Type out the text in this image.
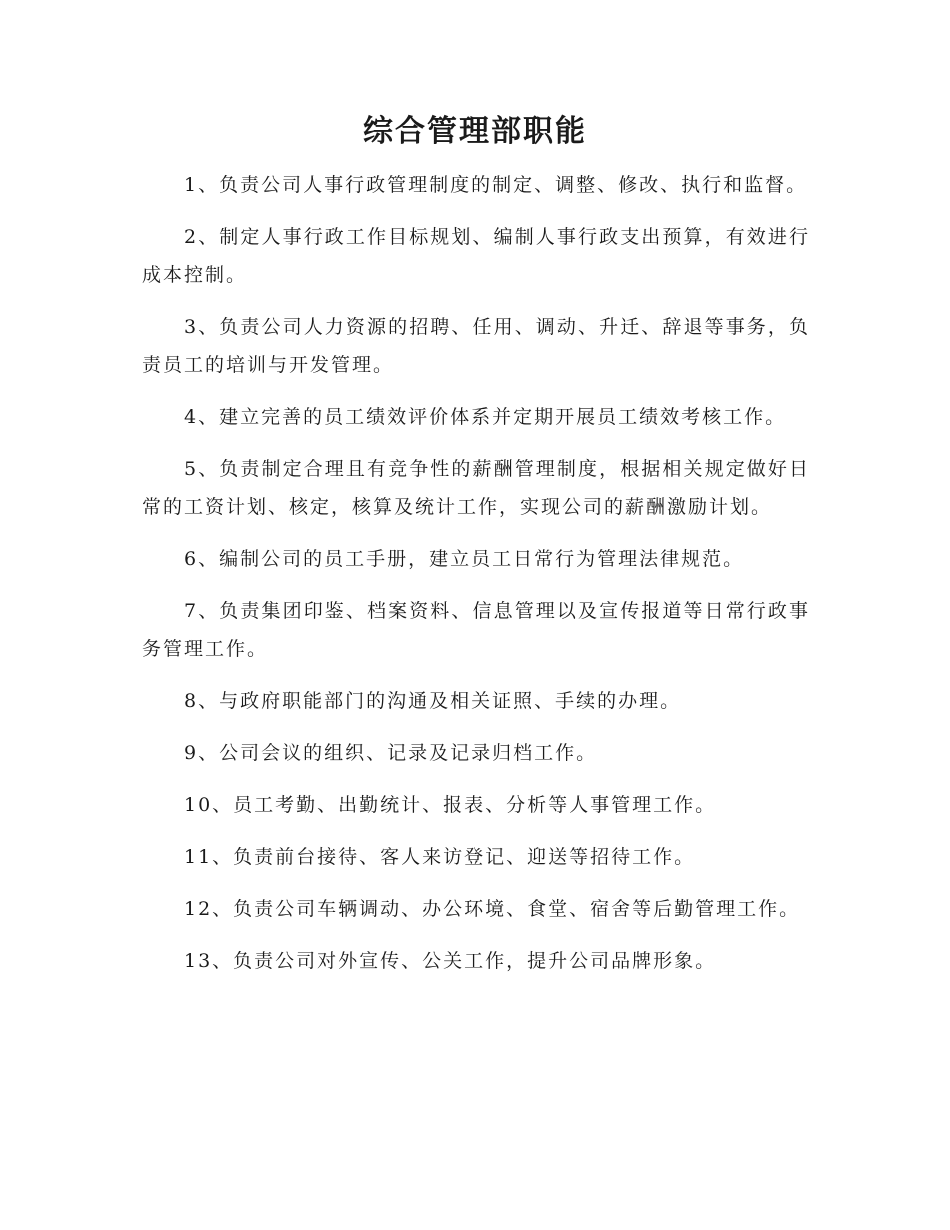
综合管理部职能

1、负责公司人事行政管理制度的制定、调整、修改、执行和监督。

2、制定人事行政工作目标规划、编制人事行政支出预算，有效进行成本控制。

3、负责公司人力资源的招聘、任用、调动、升迁、辞退等事务，负责员工的培训与开发管理。

4、建立完善的员工绩效评价体系并定期开展员工绩效考核工作。

5、负责制定合理且有竞争性的薪酬管理制度，根据相关规定做好日常的工资计划、核定，核算及统计工作，实现公司的薪酬激励计划。

6、编制公司的员工手册，建立员工日常行为管理法律规范。

7、负责集团印鉴、档案资料、信息管理以及宣传报道等日常行政事务管理工作。

8、与政府职能部门的沟通及相关证照、手续的办理。

9、公司会议的组织、记录及记录归档工作。

10、员工考勤、出勤统计、报表、分析等人事管理工作。

11、负责前台接待、客人来访登记、迎送等招待工作。

12、负责公司车辆调动、办公环境、食堂、宿舍等后勤管理工作。

13、负责公司对外宣传、公关工作，提升公司品牌形象。
